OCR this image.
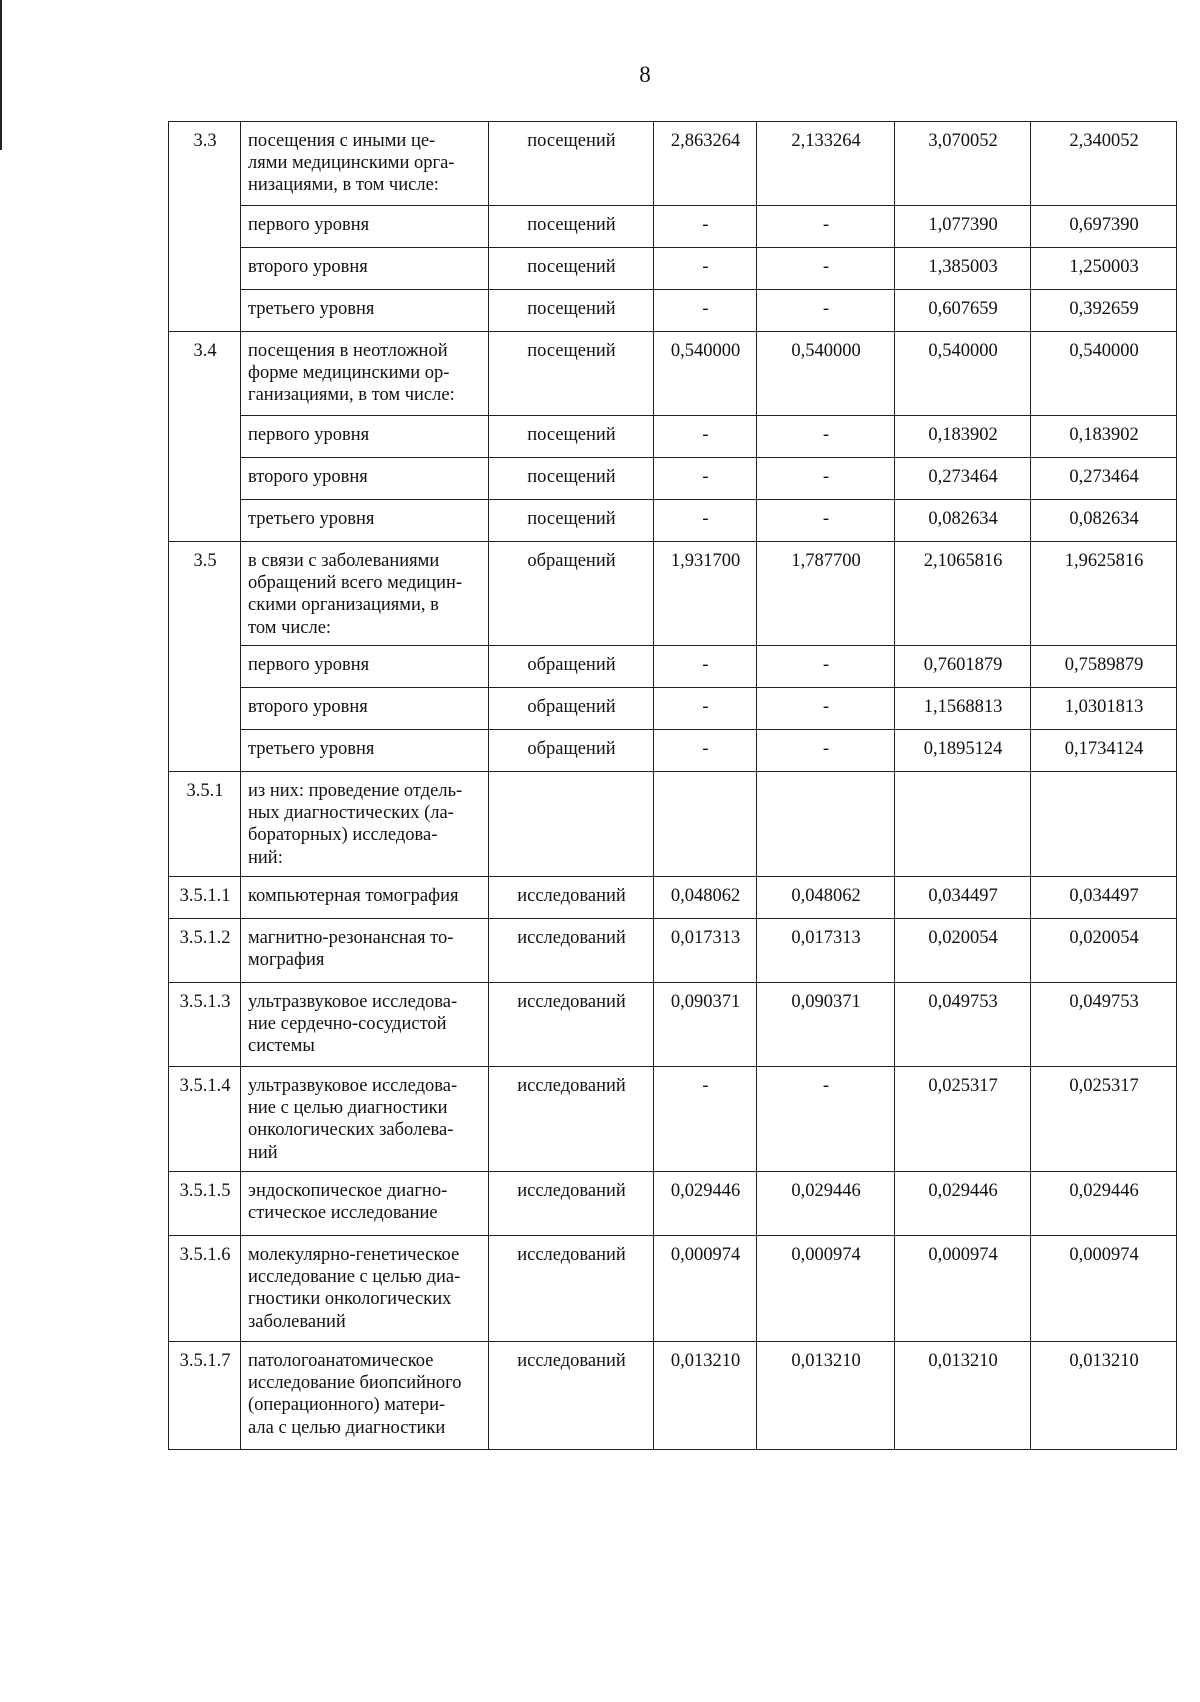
8
3.3	посещения с иными це-
лями медицинскими орга-
низациями, в том числе:	посещений	2,863264	2,133264	3,070052	2,340052

	первого уровня	посещений	-	-	1,077390	0,697390

	второго уровня	посещений	-	-	1,385003	1,250003

	третьего уровня	посещений	-	-	0,607659	0,392659
3.4	посещения в неотложной
форме медицинскими ор-
ганизациями, в том числе:	посещений	0,540000	0,540000	0,540000	0,540000

	первого уровня	посещений	-	-	0,183902	0,183902

	второго уровня	посещений	-	-	0,273464	0,273464

	третьего уровня	посещений	-	-	0,082634	0,082634
3.5	в связи с заболеваниями
обращений всего медицин-
скими организациями, в
том числе:	обращений	1,931700	1,787700	2,1065816	1,9625816

	первого уровня	обращений	-	-	0,7601879	0,7589879

	второго уровня	обращений	-	-	1,1568813	1,0301813

	третьего уровня	обращений	-	-	0,1895124	0,1734124
3.5.1	из них: проведение отдель-
ных диагностических (ла-
бораторных) исследова-
ний:					

3.5.1.1	компьютерная томография	исследований	0,048062	0,048062	0,034497	0,034497
3.5.1.2	магнитно-резонансная то-
мография	исследований	0,017313	0,017313	0,020054	0,020054
3.5.1.3	ультразвуковое исследова-
ние сердечно-сосудистой
системы	исследований	0,090371	0,090371	0,049753	0,049753
3.5.1.4	ультразвуковое исследова-
ние с целью диагностики
онкологических заболева-
ний	исследований	-	-	0,025317	0,025317
3.5.1.5	эндоскопическое диагно-
стическое исследование	исследований	0,029446	0,029446	0,029446	0,029446
3.5.1.6	молекулярно-генетическое
исследование с целью диа-
гностики онкологических
заболеваний	исследований	0,000974	0,000974	0,000974	0,000974
3.5.1.7	патологоанатомическое
исследование биопсийного
(операционного) матери-
ала с целью диагностики	исследований	0,013210	0,013210	0,013210	0,013210
